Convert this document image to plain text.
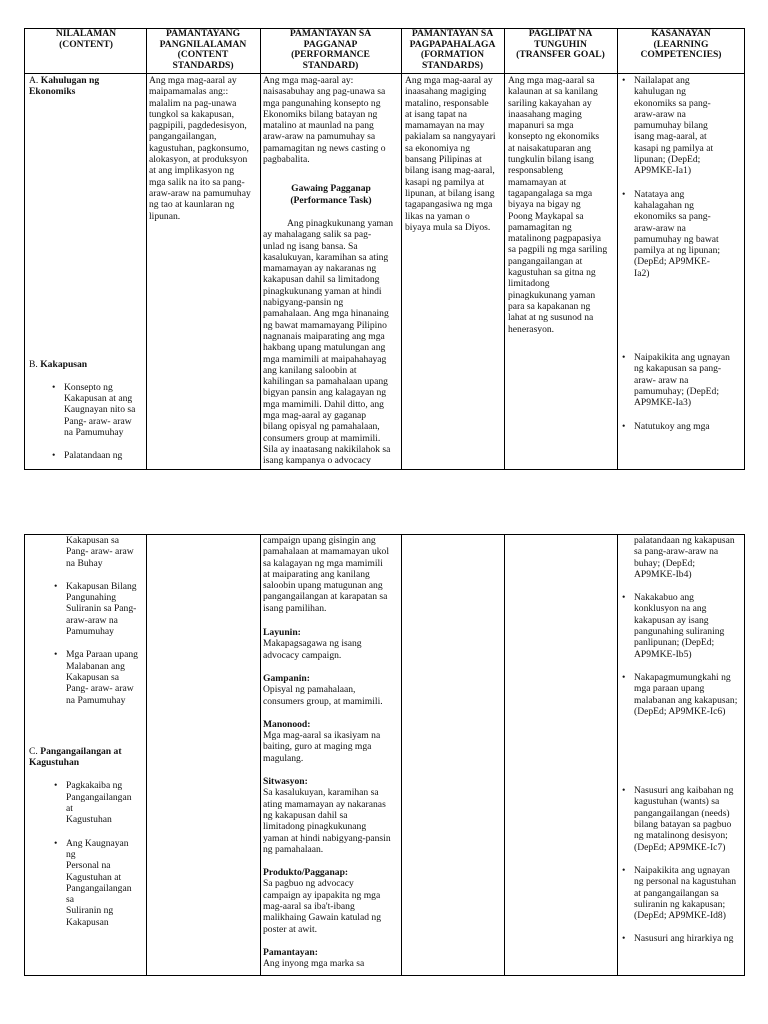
NILALAMAN
(CONTENT)
PAMANTAYANG
PANGNILALAMAN
(CONTENT
STANDARDS)
PAMANTAYAN SA
PAGGANAP
(PERFORMANCE
STANDARD)
PAMANTAYAN SA
PAGPAPAHALAGA
(FORMATION
STANDARDS)
PAGLIPAT NA
TUNGUHIN
(TRANSFER GOAL)
KASANAYAN
(LEARNING
COMPETENCIES)
A. Kahulugan ng
Ekonomiks
B. Kakapusan
• Konsepto ng
Kakapusan at ang
Kaugnayan nito sa
Pang- araw- araw
na Pamumuhay
• Palatandaan ng
Ang mga mag-aaral ay
maipamamalas ang::
malalim na pag-unawa
tungkol sa kakapusan,
pagpipili, pagdedesisyon,
pangangailangan,
kagustuhan, pagkonsumo,
alokasyon, at produksyon
at ang implikasyon ng
mga salik na ito sa pang-
araw-araw na pamumuhay
ng tao at kaunlaran ng
lipunan.
Ang mga mag-aaral ay:
naisasabuhay ang pag-unawa sa
mga pangunahing konsepto ng
Ekonomiks bilang batayan ng
matalino at maunlad na pang
araw-araw na pamumuhay sa
pamamagitan ng news casting o
pagbabalita.
Gawaing Pagganap
(Performance Task)
Ang pinagkukunang yaman
ay mahalagang salik sa pag-
unlad ng isang bansa. Sa
kasalukuyan, karamihan sa ating
mamamayan ay nakaranas ng
kakapusan dahil sa limitadong
pinagkukunang yaman at hindi
nabigyang-pansin ng
pamahalaan. Ang mga hinanaing
ng bawat mamamayang Pilipino
nagnanais maiparating ang mga
hakbang upang matulungan ang
mga mamimili at maipahahayag
ang kanilang saloobin at
kahilingan sa pamahalaan upang
bigyan pansin ang kalagayan ng
mga mamimili. Dahil ditto, ang
mga mag-aaral ay gaganap
bilang opisyal ng pamahalaan,
consumers group at mamimili.
Sila ay inaatasang nakikilahok sa
isang kampanya o advocacy
Ang mga mag-aaral ay
inaasahang magiging
matalino, responsable
at isang tapat na
mamamayan na may
pakialam sa nangyayari
sa ekonomiya ng
bansang Pilipinas at
bilang isang mag-aaral,
kasapi ng pamilya at
lipunan, at bilang isang
tagapangasiwa ng mga
likas na yaman o
biyaya mula sa Diyos.
Ang mga mag-aaral sa
kalaunan at sa kanilang
sariling kakayahan ay
inaasahang maging
mapanuri sa mga
konsepto ng ekonomiks
at naisakatuparan ang
tungkulin bilang isang
responsableng
mamamayan at
tagapangalaga sa mga
biyaya na bigay ng
Poong Maykapal sa
pamamagitan ng
matalinong pagpapasiya
sa pagpili ng mga sariling
pangangailangan at
kagustuhan sa gitna ng
limitadong
pinagkukunang yaman
para sa kapakanan ng
lahat at ng susunod na
henerasyon.
• Nailalapat ang
kahulugan ng
ekonomiks sa pang-
araw-araw na
pamumuhay bilang
isang mag-aaral, at
kasapi ng pamilya at
lipunan; (DepEd;
AP9MKE-Ia1)
• Natataya ang
kahalagahan ng
ekonomiks sa pang-
araw-araw na
pamumuhay ng bawat
pamilya at ng lipunan;
(DepEd; AP9MKE-
Ia2)
• Naipakikita ang ugnayan
ng kakapusan sa pang-
araw- araw na
pamumuhay; (DepEd;
AP9MKE-Ia3)
• Natutukoy ang mga
Kakapusan sa
Pang- araw- araw
na Buhay
• Kakapusan Bilang
Pangunahing
Suliranin sa Pang-
araw-araw na
Pamumuhay
• Mga Paraan upang
Malabanan ang
Kakapusan sa
Pang- araw- araw
na Pamumuhay
C. Pangangailangan at
Kagustuhan
• Pagkakaiba ng
Pangangailangan
at
Kagustuhan
• Ang Kaugnayan
ng
Personal na
Kagustuhan at
Pangangailangan
sa
Suliranin ng
Kakapusan
campaign upang gisingin ang
pamahalaan at mamamayan ukol
sa kalagayan ng mga mamimili
at maiparating ang kanilang
saloobin upang matugunan ang
pangangailangan at karapatan sa
isang pamilihan.
Layunin:
Makapagsagawa ng isang
advocacy campaign.
Gampanin:
Opisyal ng pamahalaan,
consumers group, at mamimili.
Manonood:
Mga mag-aaral sa ikasiyam na
baiting, guro at maging mga
magulang.
Sitwasyon:
Sa kasalukuyan, karamihan sa
ating mamamayan ay nakaranas
ng kakapusan dahil sa
limitadong pinagkukunang
yaman at hindi nabigyang-pansin
ng pamahalaan.
Produkto/Pagganap:
Sa pagbuo ng advocacy
campaign ay ipapakita ng mga
mag-aaral sa iba't-ibang
malikhaing Gawain katulad ng
poster at awit.
Pamantayan:
Ang inyong mga marka sa
palatandaan ng kakapusan
sa pang-araw-araw na
buhay; (DepEd;
AP9MKE-Ib4)
• Nakakabuo ang
konklusyon na ang
kakapusan ay isang
pangunahing suliraning
panlipunan; (DepEd;
AP9MKE-Ib5)
• Nakapagmumungkahi ng
mga paraan upang
malabanan ang kakapusan;
(DepEd; AP9MKE-Ic6)
• Nasusuri ang kaibahan ng
kagustuhan (wants) sa
pangangailangan (needs)
bilang batayan sa pagbuo
ng matalinong desisyon;
(DepEd; AP9MKE-Ic7)
• Naipakikita ang ugnayan
ng personal na kagustuhan
at pangangailangan sa
suliranin ng kakapusan;
(DepEd; AP9MKE-Id8)
• Nasusuri ang hirarkiya ng
